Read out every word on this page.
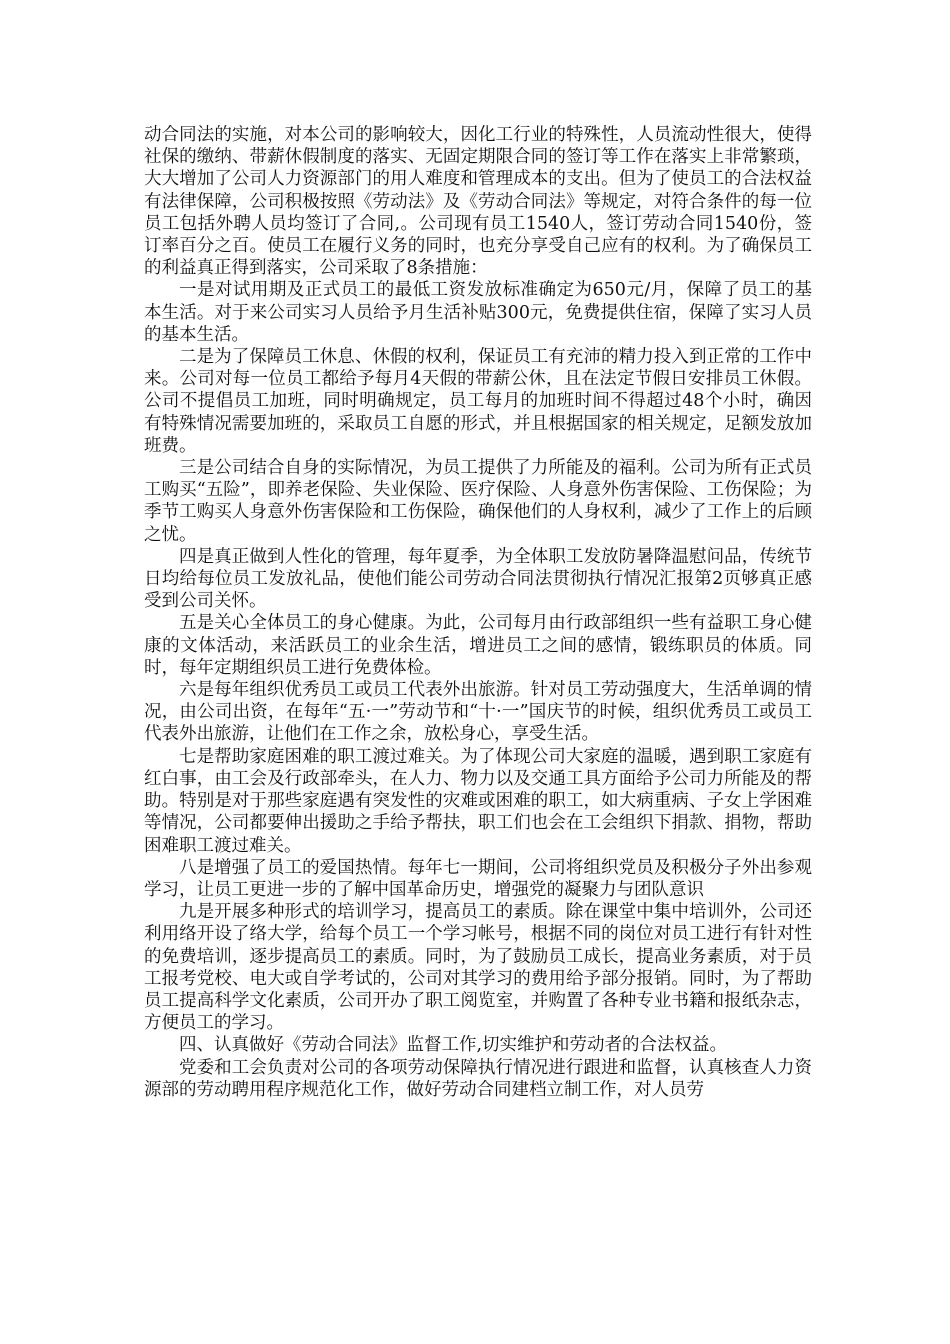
动合同法的实施，对本公司的影响较大，因化工行业的特殊性，人员流动性很大，使得社保的缴纳、带薪休假制度的落实、无固定期限合同的签订等工作在落实上非常繁琐，大大增加了公司人力资源部门的用人难度和管理成本的支出。但为了使员工的合法权益有法律保障，公司积极按照《劳动法》及《劳动合同法》等规定，对符合条件的每一位员工包括外聘人员均签订了合同,。公司现有员工1540人，签订劳动合同1540份，签订率百分之百。使员工在履行义务的同时，也充分享受自己应有的权利。为了确保员工的利益真正得到落实，公司采取了8条措施：

一是对试用期及正式员工的最低工资发放标准确定为650元/月，保障了员工的基本生活。对于来公司实习人员给予月生活补贴300元，免费提供住宿，保障了实习人员的基本生活。

二是为了保障员工休息、休假的权利，保证员工有充沛的精力投入到正常的工作中来。公司对每一位员工都给予每月4天假的带薪公休，且在法定节假日安排员工休假。公司不提倡员工加班，同时明确规定，员工每月的加班时间不得超过48个小时，确因有特殊情况需要加班的，采取员工自愿的形式，并且根据国家的相关规定，足额发放加班费。

三是公司结合自身的实际情况，为员工提供了力所能及的福利。公司为所有正式员工购买“五险”，即养老保险、失业保险、医疗保险、人身意外伤害保险、工伤保险；为季节工购买人身意外伤害保险和工伤保险，确保他们的人身权利，减少了工作上的后顾之忧。

四是真正做到人性化的管理，每年夏季，为全体职工发放防暑降温慰问品，传统节日均给每位员工发放礼品，使他们能公司劳动合同法贯彻执行情况汇报第2页够真正感受到公司关怀。

五是关心全体员工的身心健康。为此，公司每月由行政部组织一些有益职工身心健康的文体活动，来活跃员工的业余生活，增进员工之间的感情，锻练职员的体质。同时，每年定期组织员工进行免费体检。

六是每年组织优秀员工或员工代表外出旅游。针对员工劳动强度大，生活单调的情况，由公司出资，在每年“五·一”劳动节和“十·一”国庆节的时候，组织优秀员工或员工代表外出旅游，让他们在工作之余，放松身心，享受生活。

七是帮助家庭困难的职工渡过难关。为了体现公司大家庭的温暖，遇到职工家庭有红白事，由工会及行政部牵头，在人力、物力以及交通工具方面给予公司力所能及的帮助。特别是对于那些家庭遇有突发性的灾难或困难的职工，如大病重病、子女上学困难等情况，公司都要伸出援助之手给予帮扶，职工们也会在工会组织下捐款、捐物，帮助困难职工渡过难关。

八是增强了员工的爱国热情。每年七一期间，公司将组织党员及积极分子外出参观学习，让员工更进一步的了解中国革命历史，增强党的凝聚力与团队意识

九是开展多种形式的培训学习，提高员工的素质。除在课堂中集中培训外，公司还利用络开设了络大学，给每个员工一个学习帐号，根据不同的岗位对员工进行有针对性的免费培训，逐步提高员工的素质。同时，为了鼓励员工成长，提高业务素质，对于员工报考党校、电大或自学考试的，公司对其学习的费用给予部分报销。同时，为了帮助员工提高科学文化素质，公司开办了职工阅览室，并购置了各种专业书籍和报纸杂志，方便员工的学习。

四、认真做好《劳动合同法》监督工作,切实维护和劳动者的合法权益。

党委和工会负责对公司的各项劳动保障执行情况进行跟进和监督，认真核查人力资源部的劳动聘用程序规范化工作，做好劳动合同建档立制工作，对人员劳
